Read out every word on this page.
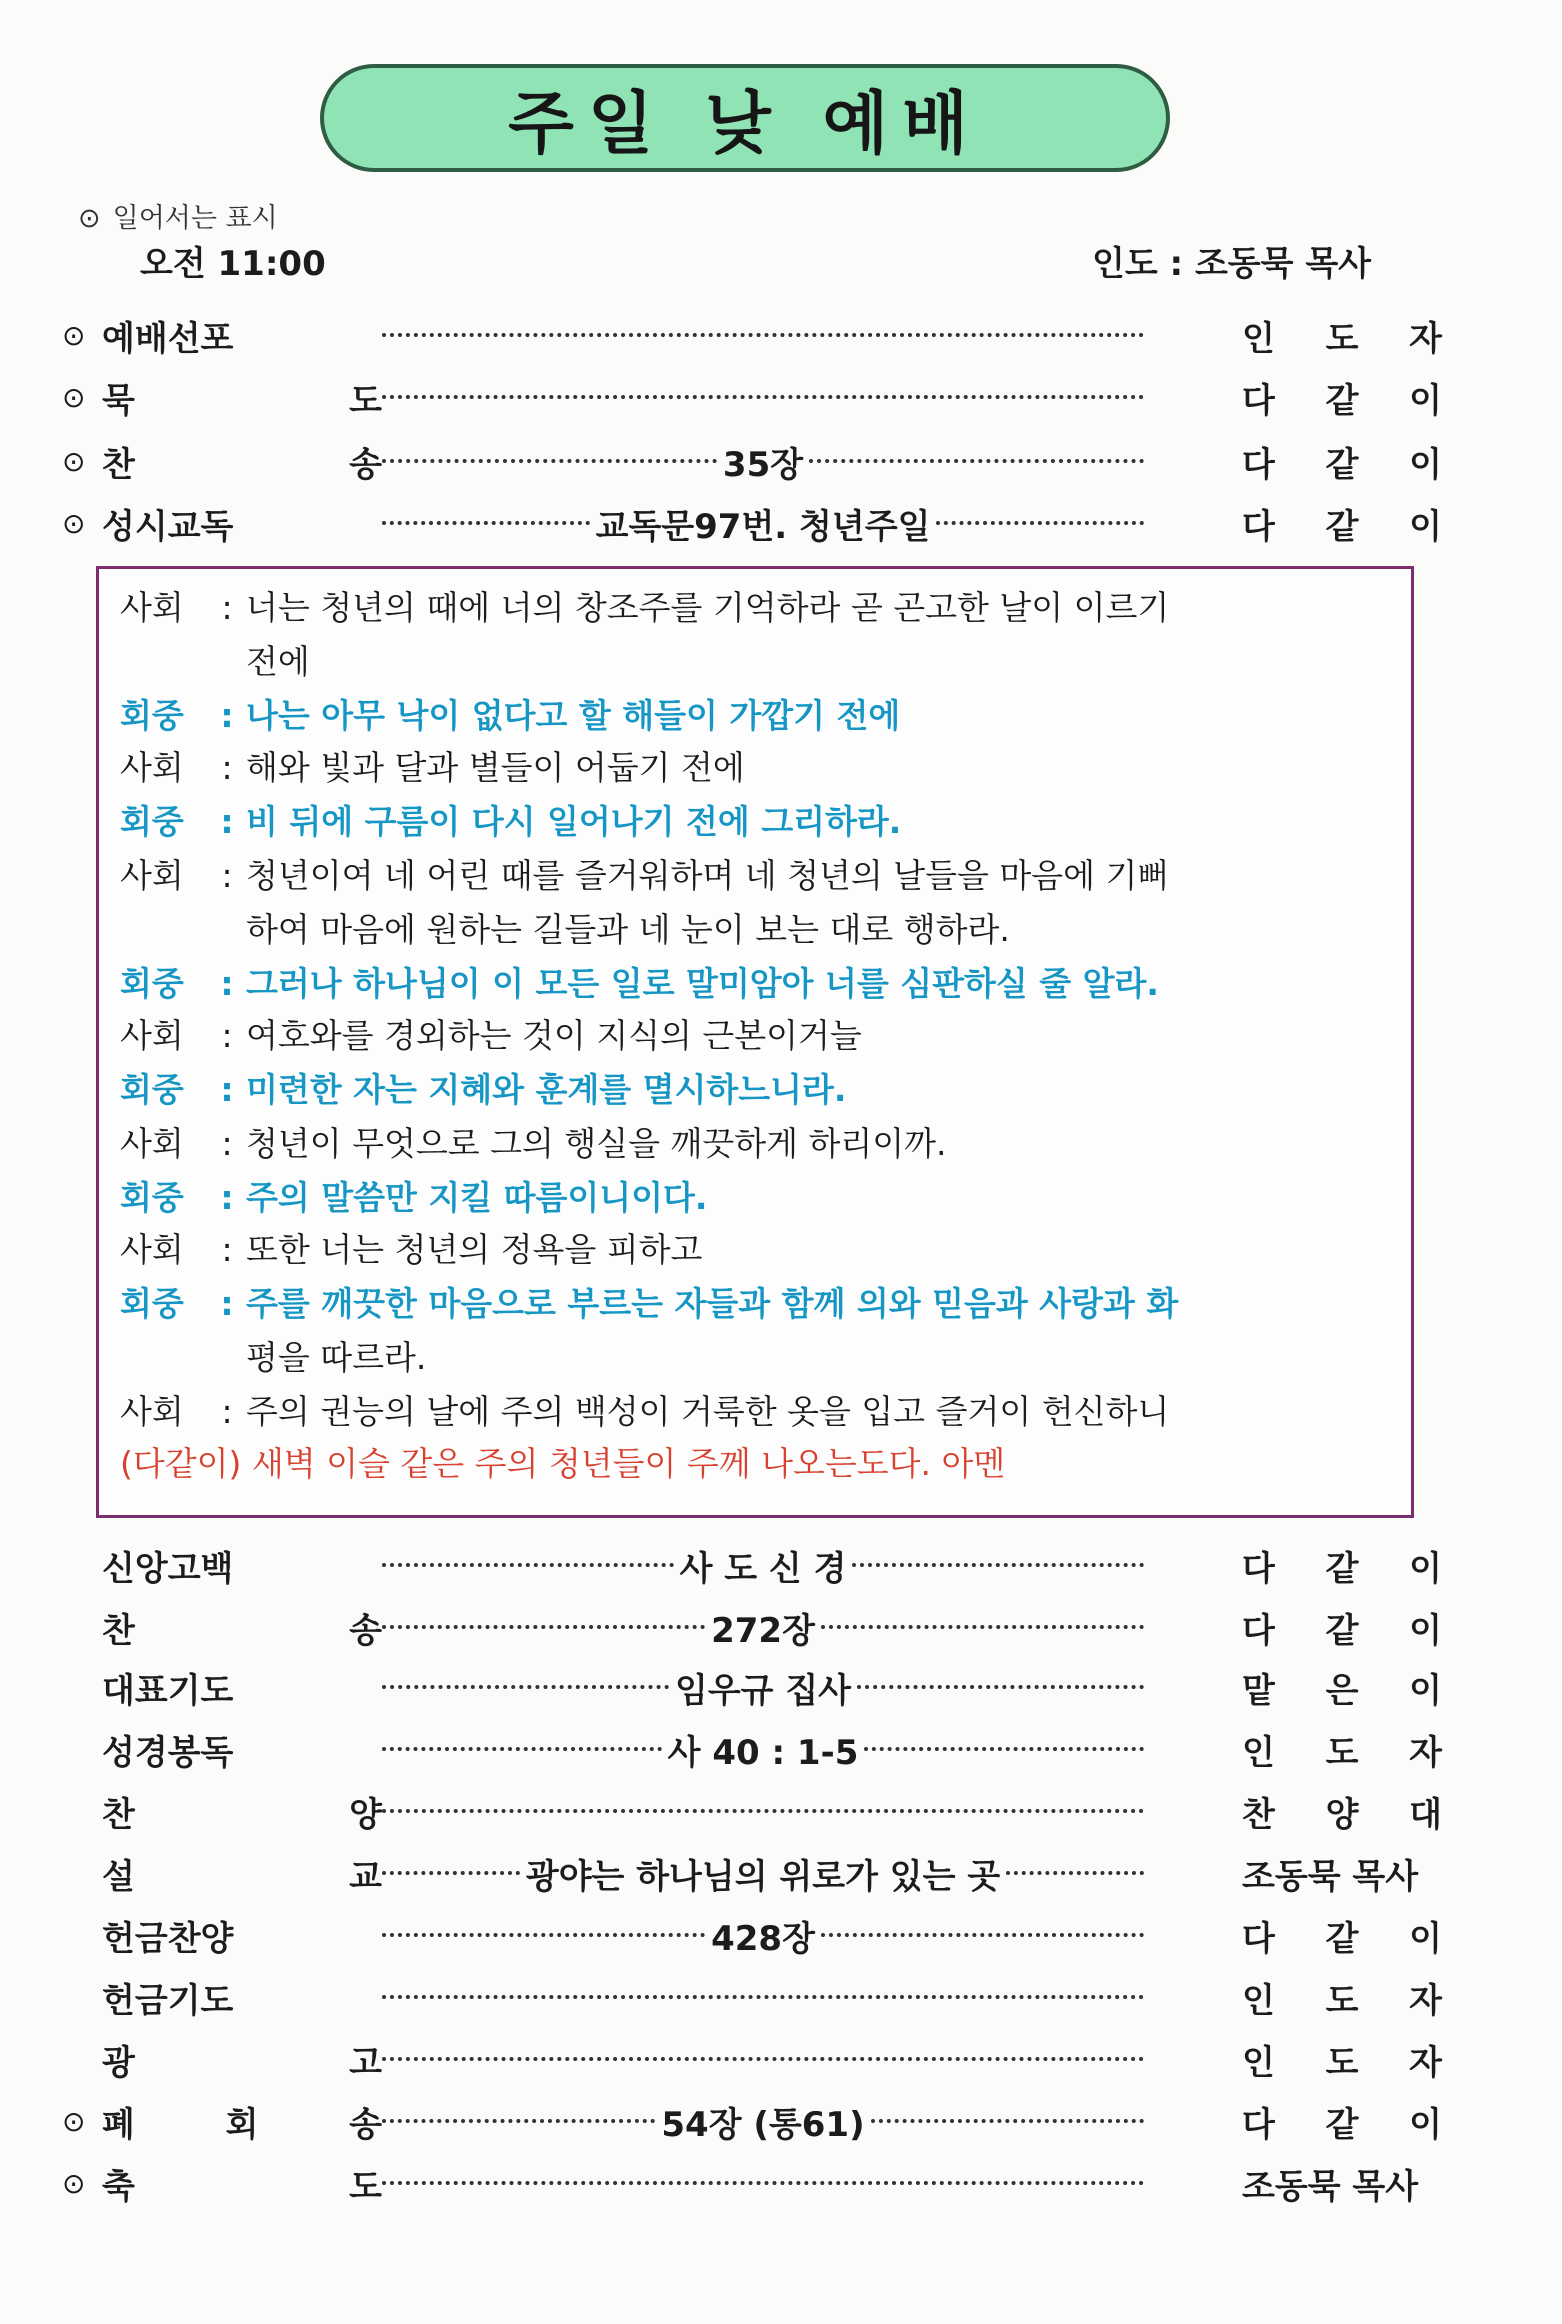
주일 낮 예배
⊙ 일어서는 표시
오전 11:00	인도 : 조동묵 목사
⊙ 예배선포	인 도 자
⊙ 묵	도	다 같 이
⊙ 찬	송	35장	다 같 이
⊙ 성시교독	교독문97번. 청년주일	다 같 이
사회 : 너는 청년의 때에 너의 창조주를 기억하라 곧 곤고한 날이 이르기
전에
회중 : 나는 아무 낙이 없다고 할 해들이 가깝기 전에
사회 : 해와 빛과 달과 별들이 어둡기 전에
회중 : 비 뒤에 구름이 다시 일어나기 전에 그리하라.
사회 : 청년이여 네 어린 때를 즐거워하며 네 청년의 날들을 마음에 기뻐
하여 마음에 원하는 길들과 네 눈이 보는 대로 행하라.
회중 : 그러나 하나님이 이 모든 일로 말미암아 너를 심판하실 줄 알라.
사회 : 여호와를 경외하는 것이 지식의 근본이거늘
회중 : 미련한 자는 지혜와 훈계를 멸시하느니라.
사회 : 청년이 무엇으로 그의 행실을 깨끗하게 하리이까.
회중 : 주의 말씀만 지킬 따름이니이다.
사회 : 또한 너는 청년의 정욕을 피하고
회중 : 주를 깨끗한 마음으로 부르는 자들과 함께 의와 믿음과 사랑과 화
평을 따르라.
사회 : 주의 권능의 날에 주의 백성이 거룩한 옷을 입고 즐거이 헌신하니
(다같이) 새벽 이슬 같은 주의 청년들이 주께 나오는도다. 아멘
신앙고백	사 도 신 경	다 같 이
찬	송	272장	다 같 이
대표기도	임우규 집사	맡 은 이
성경봉독	사 40 : 1-5	인 도 자
찬	양	찬 양 대
설	교	광야는 하나님의 위로가 있는 곳	조동묵 목사
헌금찬양	428장	다 같 이
헌금기도	인 도 자
광	고	인 도 자
⊙ 폐	회	송	54장 (통61)	다 같 이
⊙ 축	도	조동묵 목사
